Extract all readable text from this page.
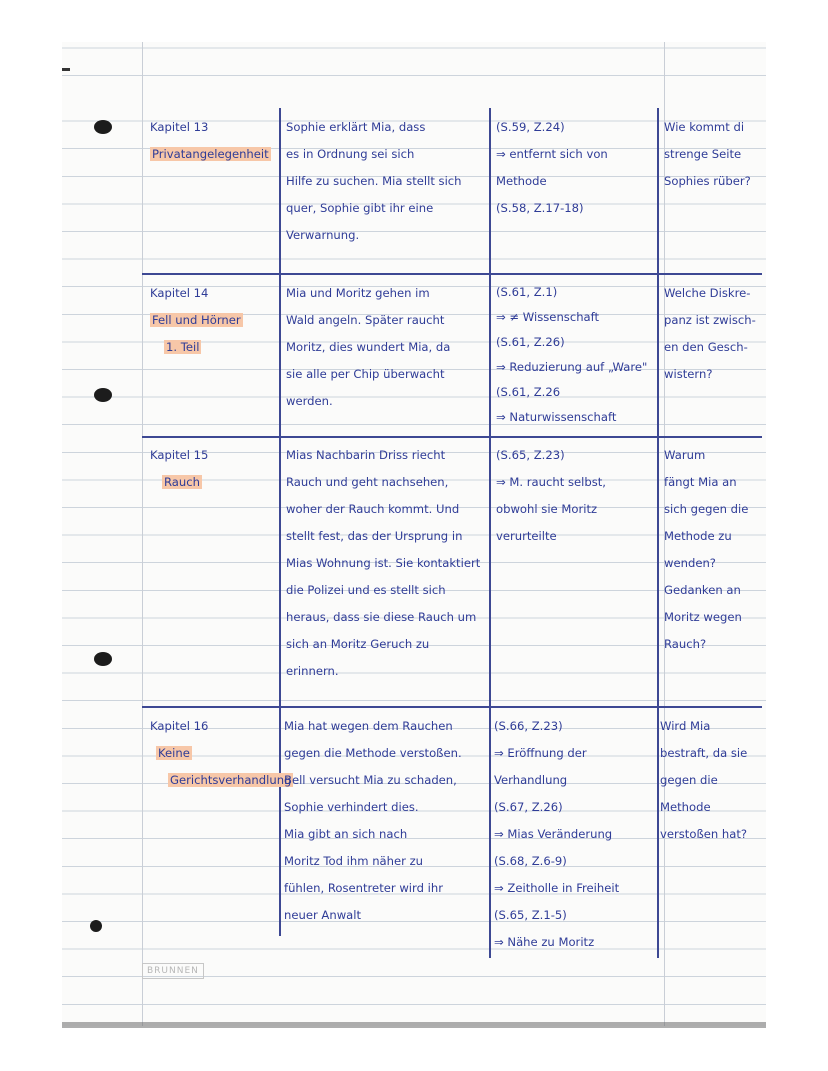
Kapitel 13
Privatangelegenheit
Sophie erklärt Mia, dass
es in Ordnung sei sich
Hilfe zu suchen. Mia stellt sich
quer, Sophie gibt ihr eine
Verwarnung.
(S.59, Z.24)
⇒ entfernt sich von
Methode
(S.58, Z.17-18)
Wie kommt di
strenge Seite
Sophies rüber?
Kapitel 14
Fell und Hörner
1. Teil
Mia und Moritz gehen im
Wald angeln. Später raucht
Moritz, dies wundert Mia, da
sie alle per Chip überwacht
werden.
(S.61, Z.1)
⇒ ≠ Wissenschaft
(S.61, Z.26)
⇒ Reduzierung auf „Ware"
(S.61, Z.26
⇒ Naturwissenschaft
Welche Diskre-
panz ist zwisch-
en den Gesch-
wistern?
Kapitel 15
Rauch
Mias Nachbarin Driss riecht
Rauch und geht nachsehen,
woher der Rauch kommt. Und
stellt fest, das der Ursprung in
Mias Wohnung ist. Sie kontaktiert
die Polizei und es stellt sich
heraus, dass sie diese Rauch um
sich an Moritz Geruch zu
erinnern.
(S.65, Z.23)
⇒ M. raucht selbst,
obwohl sie Moritz
verurteilte
Warum
fängt Mia an
sich gegen die
Methode zu
wenden?
Gedanken an
Moritz wegen
Rauch?
Kapitel 16
Keine
Gerichtsverhandlung
Mia hat wegen dem Rauchen
gegen die Methode verstoßen.
Bell versucht Mia zu schaden,
Sophie verhindert dies.
Mia gibt an sich nach
Moritz Tod ihm näher zu
fühlen, Rosentreter wird ihr
neuer Anwalt
(S.66, Z.23)
⇒ Eröffnung der
Verhandlung
(S.67, Z.26)
⇒ Mias Veränderung
(S.68, Z.6-9)
⇒ Zeitholle in Freiheit
(S.65, Z.1-5)
⇒ Nähe zu Moritz
Wird Mia
bestraft, da sie
gegen die
Methode
verstoßen hat?
BRUNNEN
